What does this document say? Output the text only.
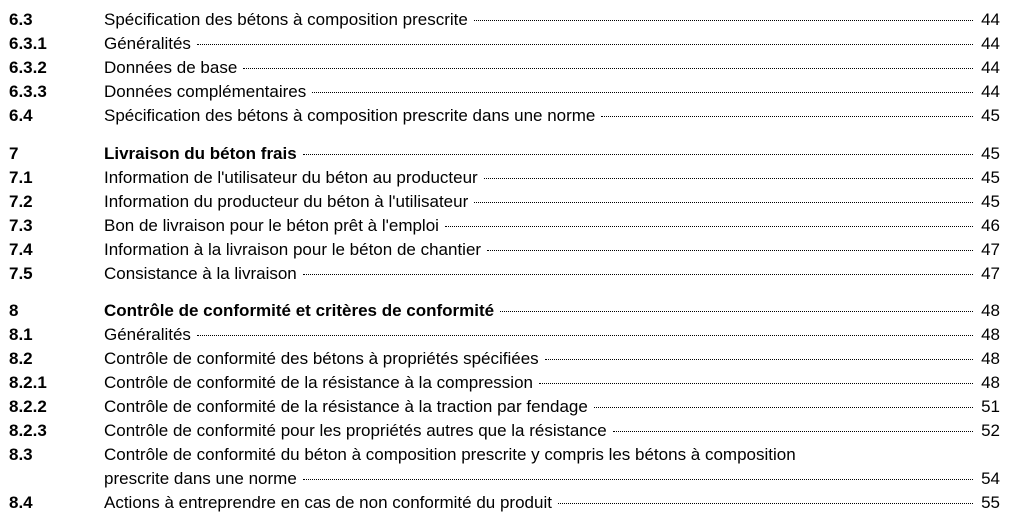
6.3	Spécification des bétons à composition prescrite	44
6.3.1	Généralités	44
6.3.2	Données de base	44
6.3.3	Données complémentaires	44
6.4	Spécification des bétons à composition prescrite dans une norme	45
7	Livraison du béton frais	45
7.1	Information de l'utilisateur du béton au producteur	45
7.2	Information du producteur du béton à l'utilisateur	45
7.3	Bon de livraison pour le béton prêt à l'emploi	46
7.4	Information à la livraison pour le béton de chantier	47
7.5	Consistance à la livraison	47
8	Contrôle de conformité et critères de conformité	48
8.1	Généralités	48
8.2	Contrôle de conformité des bétons à propriétés spécifiées	48
8.2.1	Contrôle de conformité de la résistance à la compression	48
8.2.2	Contrôle de conformité de la résistance à la traction par fendage	51
8.2.3	Contrôle de conformité pour les propriétés autres que la résistance	52
8.3	Contrôle de conformité du béton à composition prescrite y compris les bétons à composition
prescrite dans une norme	54
8.4	Actions à entreprendre en cas de non conformité du produit	55
